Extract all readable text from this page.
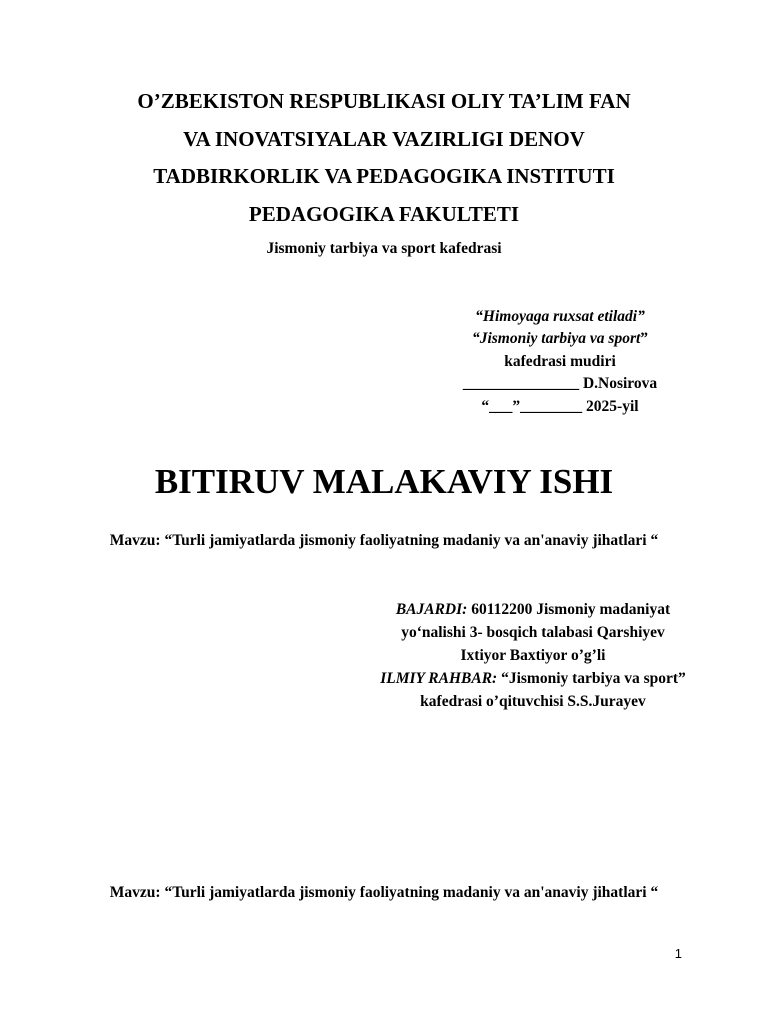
O’ZBEKISTON RESPUBLIKASI OLIY TA’LIM FAN
VA INOVATSIYALAR VAZIRLIGI DENOV
TADBIRKORLIK VA PEDAGOGIKA INSTITUTI
PEDAGOGIKA FAKULTETI
Jismoniy tarbiya va sport kafedrasi
“Himoyaga ruxsat etiladi”
“Jismoniy tarbiya va sport”
kafedrasi mudiri
_______________ D.Nosirova
“___”________ 2025-yil
BITIRUV MALAKAVIY ISHI
Mavzu: “Turli jamiyatlarda jismoniy faoliyatning madaniy va an'anaviy jihatlari “
BAJARDI: 60112200 Jismoniy madaniyat yo‘nalishi 3- bosqich talabasi Qarshiyev Ixtiyor Baxtiyor o’g’li
ILMIY RAHBAR: “Jismoniy tarbiya va sport” kafedrasi o’qituvchisi S.S.Jurayev
Mavzu: “Turli jamiyatlarda jismoniy faoliyatning madaniy va an'anaviy jihatlari “
1
